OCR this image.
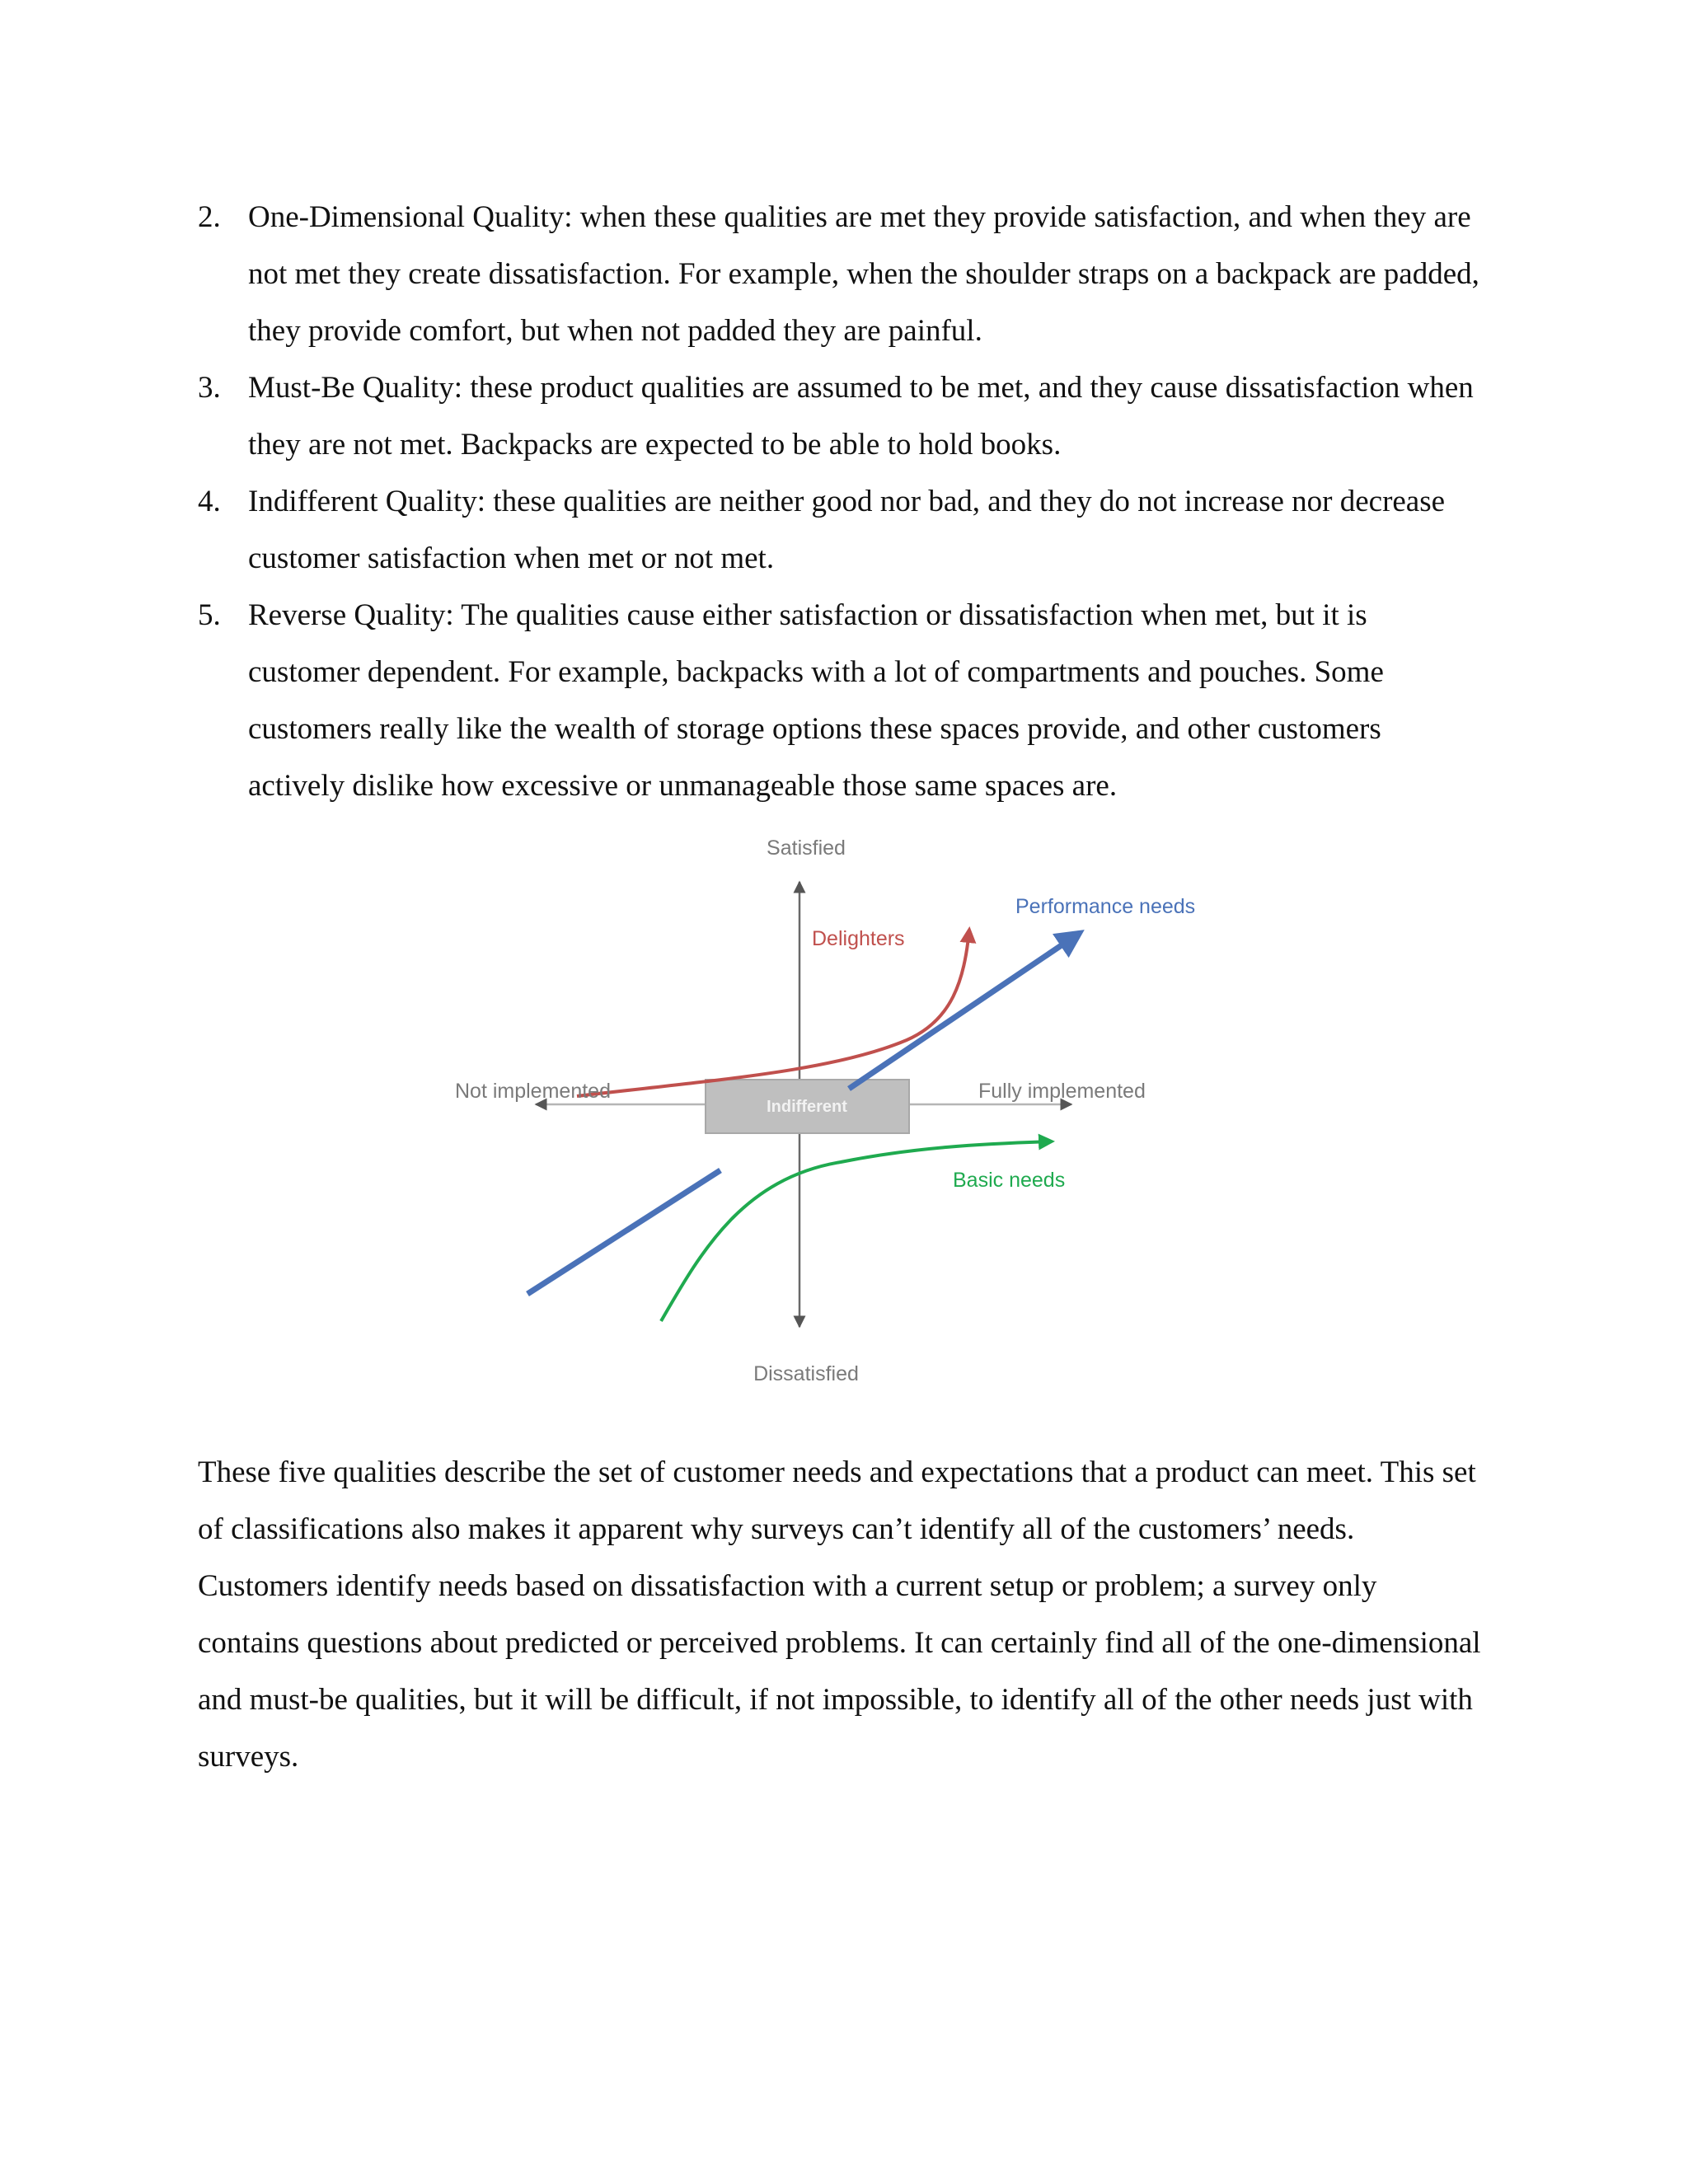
2. One-Dimensional Quality: when these qualities are met they provide satisfaction, and when they are not met they create dissatisfaction. For example, when the shoulder straps on a backpack are padded, they provide comfort, but when not padded they are painful.
3. Must-Be Quality: these product qualities are assumed to be met, and they cause dissatisfaction when they are not met. Backpacks are expected to be able to hold books.
4. Indifferent Quality: these qualities are neither good nor bad, and they do not increase nor decrease customer satisfaction when met or not met.
5. Reverse Quality: The qualities cause either satisfaction or dissatisfaction when met, but it is customer dependent. For example, backpacks with a lot of compartments and pouches. Some customers really like the wealth of storage options these spaces provide, and other customers actively dislike how excessive or unmanageable those same spaces are.
Indifferent
Satisfied
Dissatisfied
Not implemented	Fully implemented
Delighters
Performance needs
Basic needs

These five qualities describe the set of customer needs and expectations that a product can meet. This set of classifications also makes it apparent why surveys can’t identify all of the customers’ needs. Customers identify needs based on dissatisfaction with a current setup or problem; a survey only contains questions about predicted or perceived problems. It can certainly find all of the one-dimensional and must-be qualities, but it will be difficult, if not impossible, to identify all of the other needs just with surveys.
